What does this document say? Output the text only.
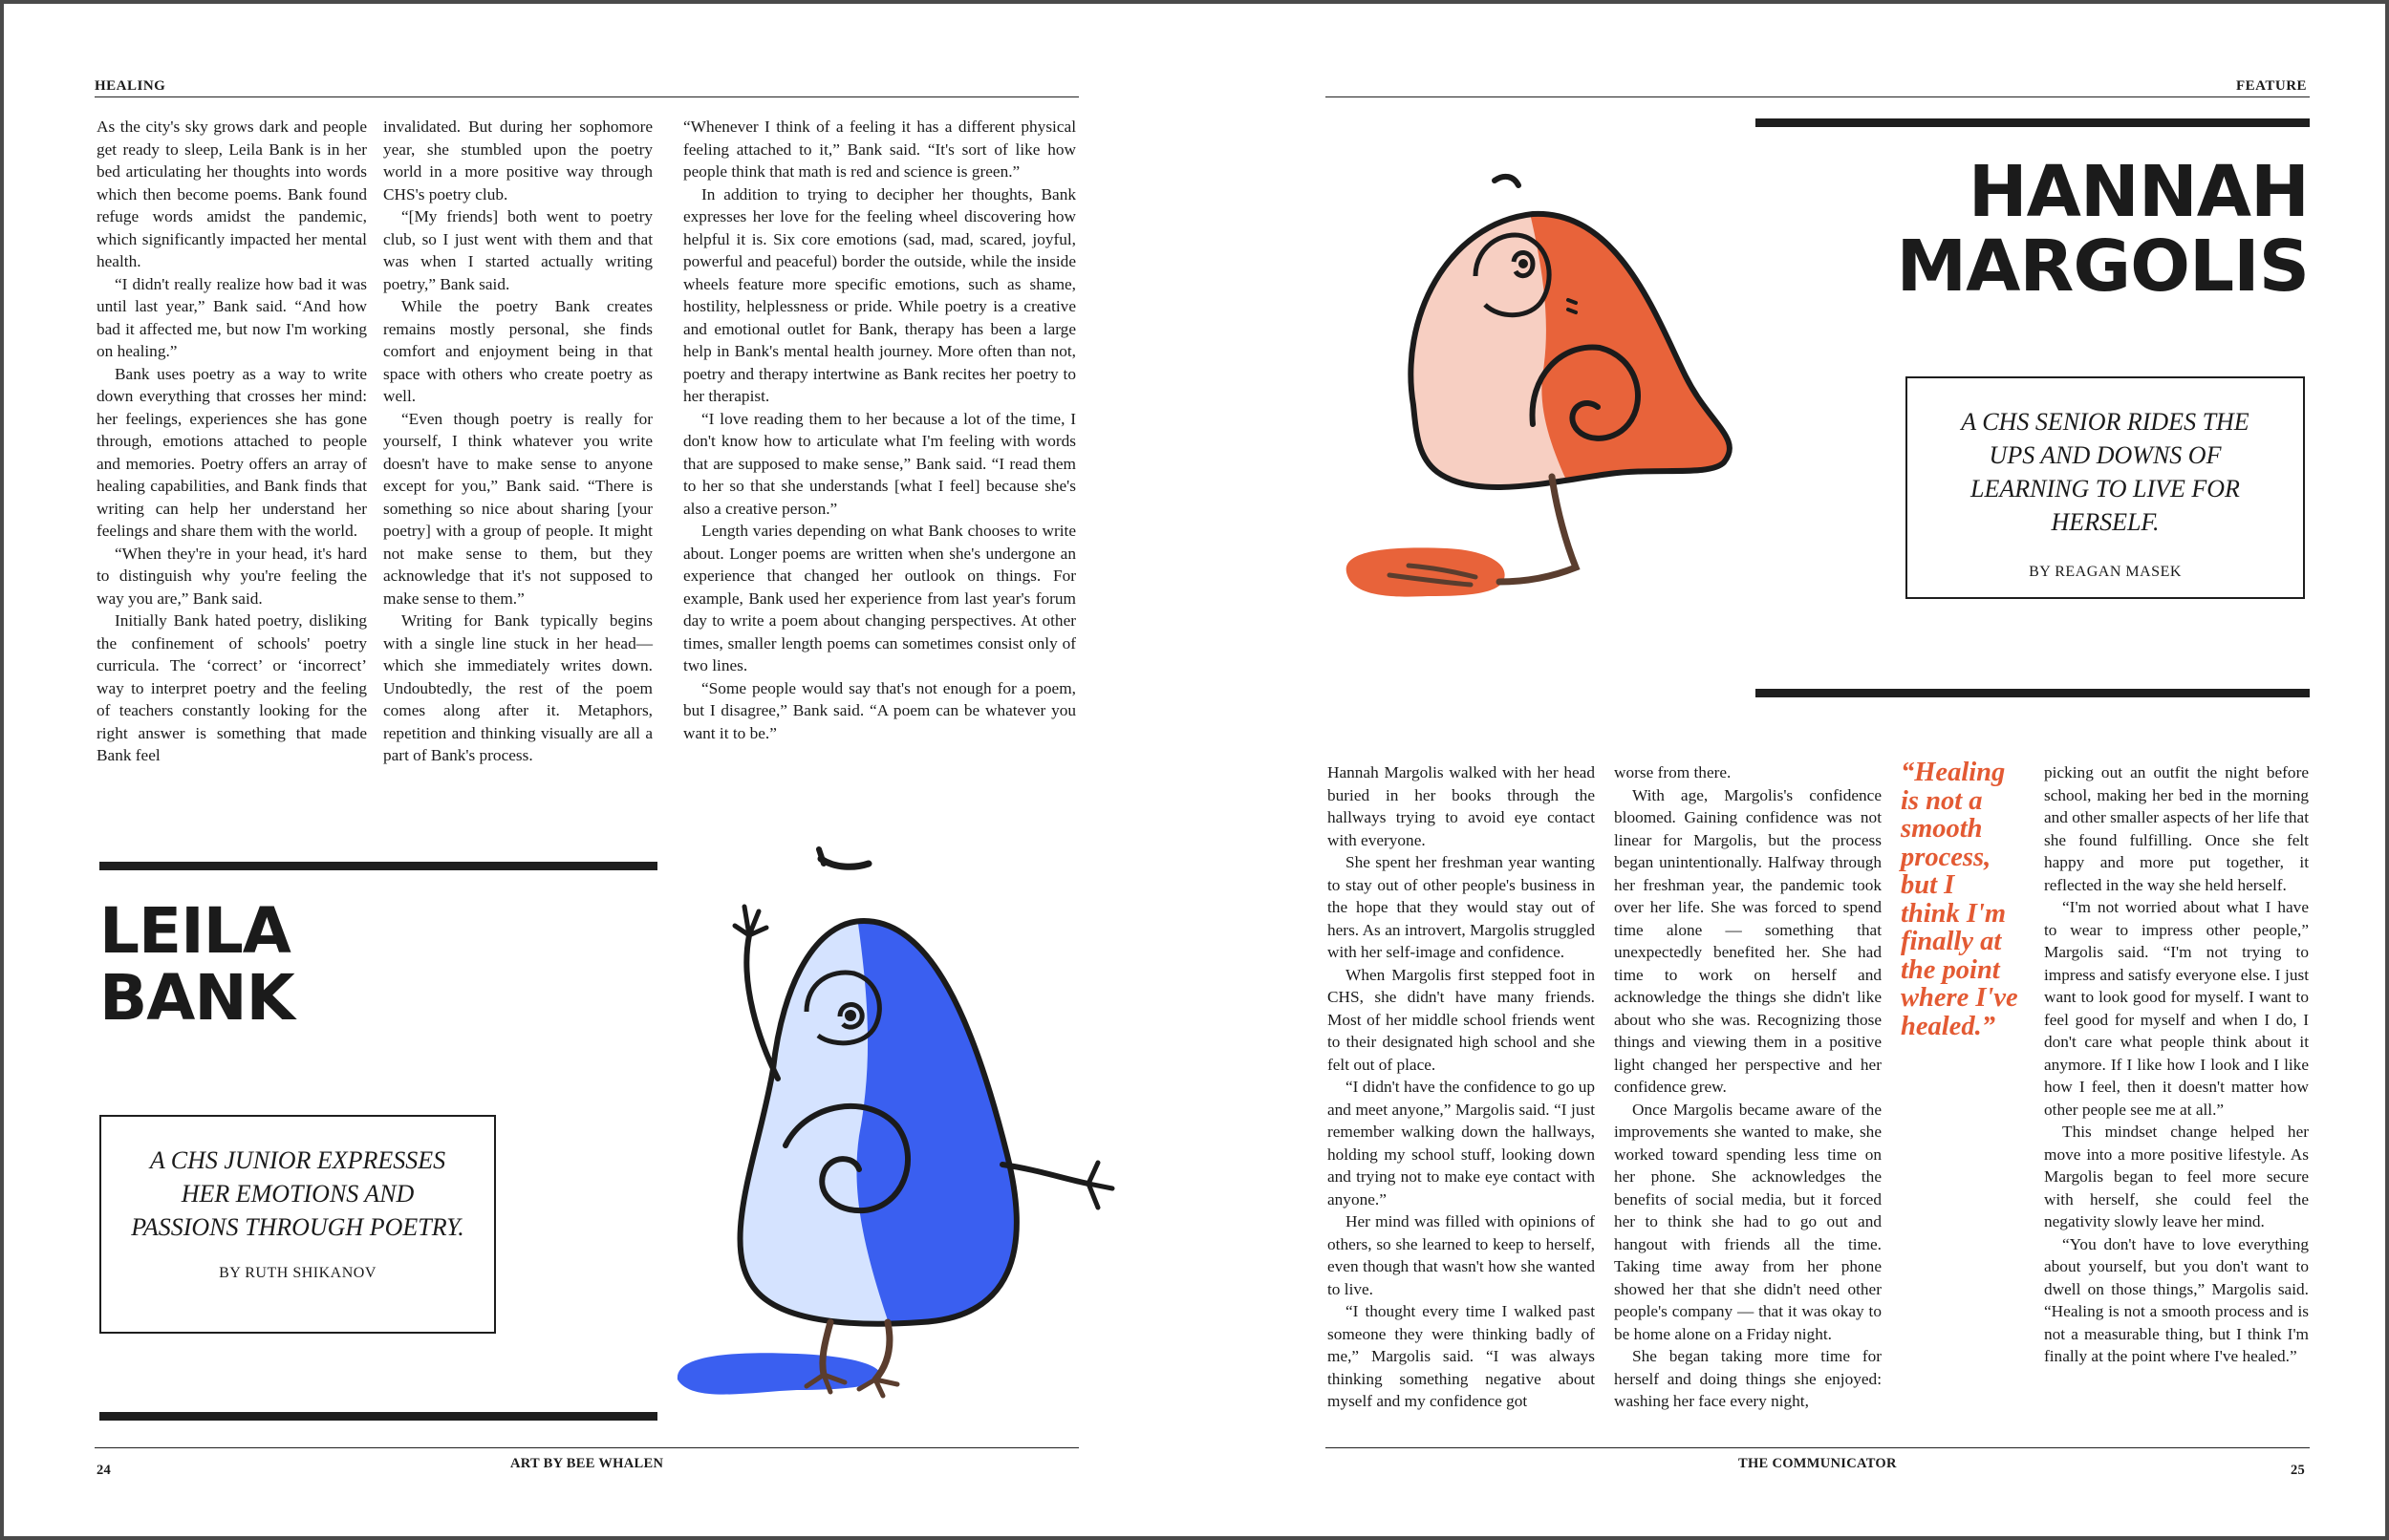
HEALING

As the city's sky grows dark and people get ready to sleep, Leila Bank is in her bed articulating her thoughts into words which then become poems. Bank found refuge words amidst the pandemic, which significantly impacted her mental health.

“I didn't really realize how bad it was until last year,” Bank said. “And how bad it affected me, but now I'm working on healing.”

Bank uses poetry as a way to write down everything that crosses her mind: her feelings, experiences she has gone through, emotions attached to people and memories. Poetry offers an array of healing capabilities, and Bank finds that writing can help her understand her feelings and share them with the world.

“When they're in your head, it's hard to distinguish why you're feeling the way you are,” Bank said.

Initially Bank hated poetry, disliking the confinement of schools' poetry curricula. The ‘correct’ or ‘incorrect’ way to interpret poetry and the feeling of teachers constantly looking for the right answer is something that made Bank feel

invalidated. But during her sophomore year, she stumbled upon the poetry world in a more positive way through CHS's poetry club.

“[My friends] both went to poetry club, so I just went with them and that was when I started actually writing poetry,” Bank said.

While the poetry Bank creates remains mostly personal, she finds comfort and enjoyment being in that space with others who create poetry as well.

“Even though poetry is really for yourself, I think whatever you write doesn't have to make sense to anyone except for you,” Bank said. “There is something so nice about sharing [your poetry] with a group of people. It might not make sense to them, but they acknowledge that it's not supposed to make sense to them.”

Writing for Bank typically begins with a single line stuck in her head—which she immediately writes down. Undoubtedly, the rest of the poem comes along after it. Metaphors, repetition and thinking visually are all a part of Bank's process.

“Whenever I think of a feeling it has a different physical feeling attached to it,” Bank said. “It's sort of like how people think that math is red and science is green.”

In addition to trying to decipher her thoughts, Bank expresses her love for the feeling wheel discovering how helpful it is. Six core emotions (sad, mad, scared, joyful, powerful and peaceful) border the outside, while the inside wheels feature more specific emotions, such as shame, hostility, helplessness or pride. While poetry is a creative and emotional outlet for Bank, therapy has been a large help in Bank's mental health journey. More often than not, poetry and therapy intertwine as Bank recites her poetry to her therapist.

“I love reading them to her because a lot of the time, I don't know how to articulate what I'm feeling with words that are supposed to make sense,” Bank said. “I read them to her so that she understands [what I feel] because she's also a creative person.”

Length varies depending on what Bank chooses to write about. Longer poems are written when she's undergone an experience that changed her outlook on things. For example, Bank used her experience from last year's forum day to write a poem about changing perspectives. At other times, smaller length poems can sometimes consist only of two lines.

“Some people would say that's not enough for a poem, but I disagree,” Bank said. “A poem can be whatever you want it to be.”

LEILA
BANK
A CHS JUNIOR EXPRESSES HER EMOTIONS AND PASSIONS THROUGH POETRY.
BY RUTH SHIKANOV
24	ART BY BEE WHALEN
FEATURE
HANNAH
MARGOLIS
A CHS SENIOR RIDES THE UPS AND DOWNS OF LEARNING TO LIVE FOR HERSELF.
BY REAGAN MASEK

Hannah Margolis walked with her head buried in her books through the hallways trying to avoid eye contact with everyone.

She spent her freshman year wanting to stay out of other people's business in the hope that they would stay out of hers. As an introvert, Margolis struggled with her self-image and confidence.

When Margolis first stepped foot in CHS, she didn't have many friends. Most of her middle school friends went to their designated high school and she felt out of place.

“I didn't have the confidence to go up and meet anyone,” Margolis said. “I just remember walking down the hallways, holding my school stuff, looking down and trying not to make eye contact with anyone.”

Her mind was filled with opinions of others, so she learned to keep to herself, even though that wasn't how she wanted to live.

“I thought every time I walked past someone they were thinking badly of me,” Margolis said. “I was always thinking something negative about myself and my confidence got

worse from there.

With age, Margolis's confidence bloomed. Gaining confidence was not linear for Margolis, but the process began unintentionally. Halfway through her freshman year, the pandemic took over her life. She was forced to spend time alone — something that unexpectedly benefited her. She had time to work on herself and acknowledge the things she didn't like about who she was. Recognizing those things and viewing them in a positive light changed her perspective and her confidence grew.

Once Margolis became aware of the improvements she wanted to make, she worked toward spending less time on her phone. She acknowledges the benefits of social media, but it forced her to think she had to go out and hangout with friends all the time. Taking time away from her phone showed her that she didn't need other people's company — that it was okay to be home alone on a Friday night.

She began taking more time for herself and doing things she enjoyed: washing her face every night,

“Healing is not a smooth process, but I think I'm finally at the point where I've healed.”

picking out an outfit the night before school, making her bed in the morning and other smaller aspects of her life that she found fulfilling. Once she felt happy and more put together, it reflected in the way she held herself.

“I'm not worried about what I have to wear to impress other people,” Margolis said. “I'm not trying to impress and satisfy everyone else. I just want to look good for myself. I want to feel good for myself and when I do, I don't care what people think about it anymore. If I like how I look and I like how I feel, then it doesn't matter how other people see me at all.”

This mindset change helped her move into a more positive lifestyle. As Margolis began to feel more secure with herself, she could feel the negativity slowly leave her mind.

“You don't have to love everything about yourself, but you don't want to dwell on those things,” Margolis said. “Healing is not a smooth process and is not a measurable thing, but I think I'm finally at the point where I've healed.”

THE COMMUNICATOR	25
